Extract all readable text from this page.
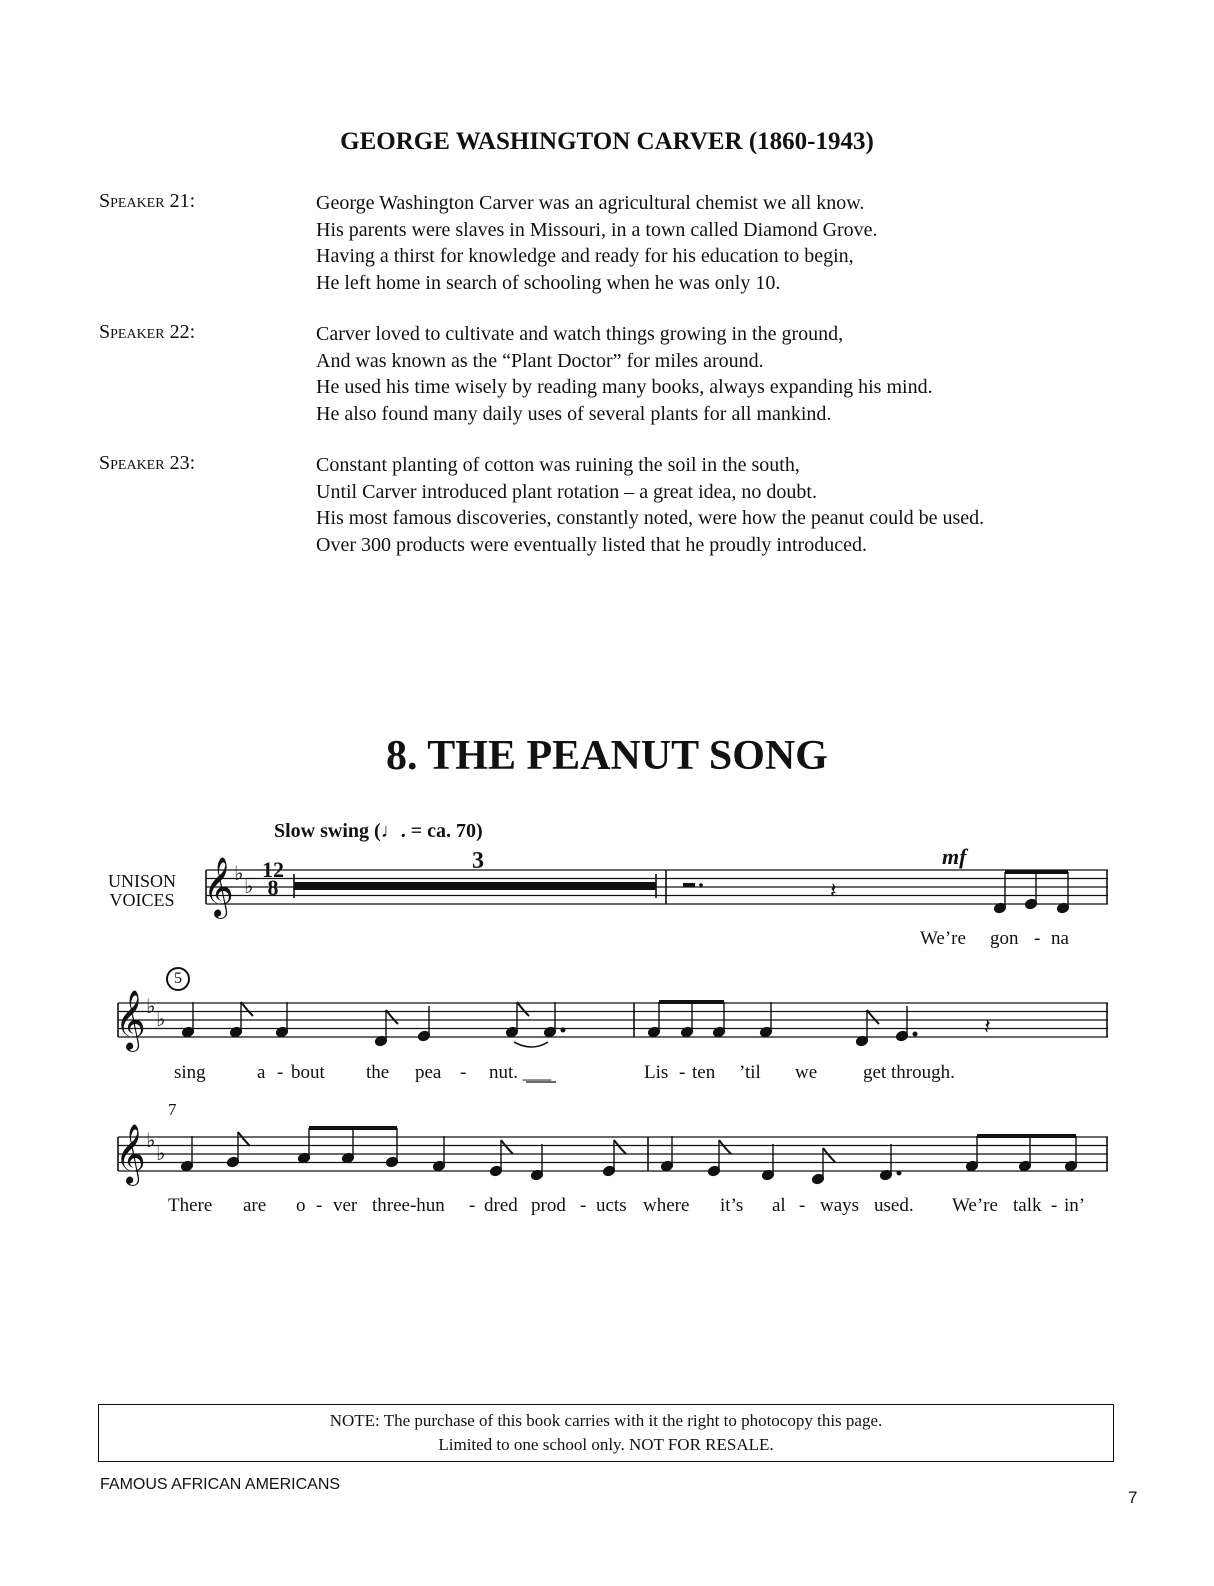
GEORGE WASHINGTON CARVER (1860-1943)
Speaker 21:	George Washington Carver was an agricultural chemist we all know.
His parents were slaves in Missouri, in a town called Diamond Grove.
Having a thirst for knowledge and ready for his education to begin,
He left home in search of schooling when he was only 10.
Speaker 22:	Carver loved to cultivate and watch things growing in the ground,
And was known as the “Plant Doctor” for miles around.
He used his time wisely by reading many books, always expanding his mind.
He also found many daily uses of several plants for all mankind.
Speaker 23:	Constant planting of cotton was ruining the soil in the south,
Until Carver introduced plant rotation – a great idea, no doubt.
His most famous discoveries, constantly noted, were how the peanut could be used.
Over 300 products were eventually listed that he proudly introduced.
8. THE PEANUT SONG
Slow swing (♩. = ca. 70)
UNISON
VOICES
3	mf
5
7
𝄞
𝄞
𝄞
♭
♭
♭
♭
♭
♭
𝄽
𝄽
12
8
We’re gon - na
sing	a - bout the pea - nut. ___	Lis - ten ’til we get through.
There are o - ver three-hun - dred prod - ucts where it’s al - ways used. We’re talk - in’
NOTE: The purchase of this book carries with it the right to photocopy this page.
Limited to one school only. NOT FOR RESALE.
FAMOUS AFRICAN AMERICANS
7
